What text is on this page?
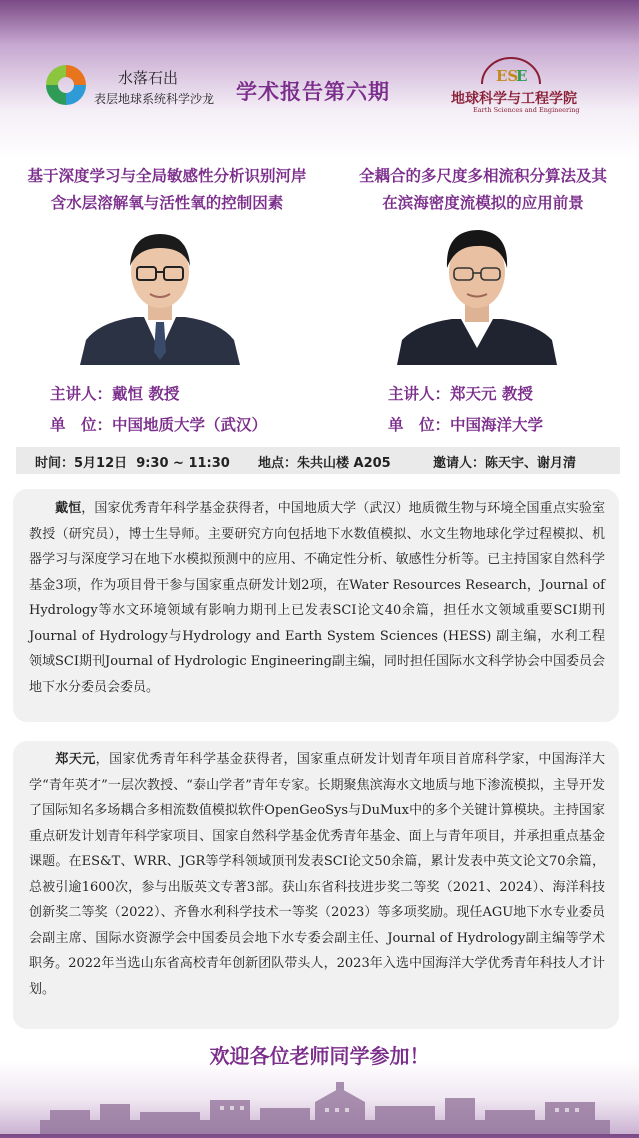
水落石出
表层地球系统科学沙龙 学术报告第六期
ES
E
地球科学与工程学院
Earth Sciences and Engineering
基于深度学习与全局敏感性分析识别河岸
含水层溶解氧与活性氧的控制因素
全耦合的多尺度多相流积分算法及其
在滨海密度流模拟的应用前景
主讲人：戴恒 教授
单　位：中国地质大学（武汉）
主讲人：郑天元 教授
单　位：中国海洋大学
时间：5月12日  9:30 ~ 11:30 地点：朱共山楼 A205	邀请人：陈天宇、谢月清
戴恒，国家优秀青年科学基金获得者，中国地质大学（武汉）地质微生物与环境全国重点实验室教授（研究员），博士生导师。主要研究方向包括地下水数值模拟、水文生物地球化学过程模拟、机器学习与深度学习在地下水模拟预测中的应用、不确定性分析、敏感性分析等。已主持国家自然科学基金3项，作为项目骨干参与国家重点研发计划2项，在Water Resources Research，Journal of Hydrology等水文环境领域有影响力期刊上已发表SCI论文40余篇，担任水文领域重要SCI期刊Journal of Hydrology与Hydrology and Earth System Sciences (HESS) 副主编，水利工程领域SCI期刊Journal of Hydrologic Engineering副主编，同时担任国际水文科学协会中国委员会地下水分委员会委员。
郑天元，国家优秀青年科学基金获得者，国家重点研发计划青年项目首席科学家，中国海洋大学“青年英才”一层次教授、“泰山学者”青年专家。长期聚焦滨海水文地质与地下渗流模拟，主导开发了国际知名多场耦合多相流数值模拟软件OpenGeoSys与DuMux中的多个关键计算模块。主持国家重点研发计划青年科学家项目、国家自然科学基金优秀青年基金、面上与青年项目，并承担重点基金课题。在ES&T、WRR、JGR等学科领域顶刊发表SCI论文50余篇，累计发表中英文论文70余篇，总被引逾1600次，参与出版英文专著3部。获山东省科技进步奖二等奖（2021、2024）、海洋科技创新奖二等奖（2022）、齐鲁水利科学技术一等奖（2023）等多项奖励。现任AGU地下水专业委员会副主席、国际水资源学会中国委员会地下水专委会副主任、Journal of Hydrology副主编等学术职务。2022年当选山东省高校青年创新团队带头人，2023年入选中国海洋大学优秀青年科技人才计划。
欢迎各位老师同学参加！
